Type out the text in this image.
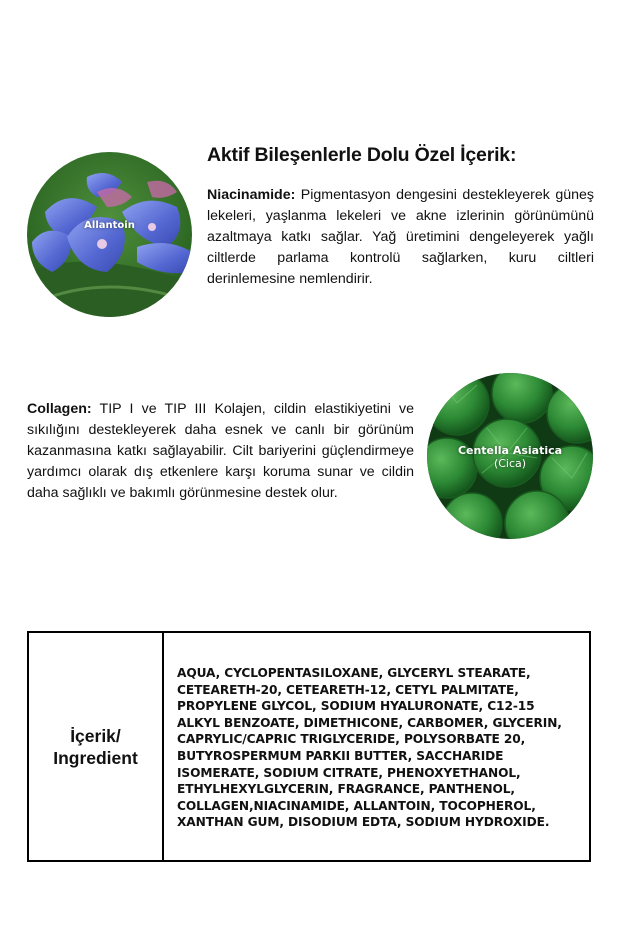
Allantoin
Aktif Bileşenlerle Dolu Özel İçerik:

Niacinamide: Pigmentasyon dengesini destekleyerek güneş lekeleri, yaşlanma lekeleri ve akne izlerinin görünümünü azaltmaya katkı sağlar. Yağ üretimini dengeleyerek yağlı ciltlerde parlama kontrolü sağlarken, kuru ciltleri derinlemesine nemlendirir.

Collagen: TIP I ve TIP III Kolajen, cildin elastikiyetini ve sıkılığını destekleyerek daha esnek ve canlı bir görünüm kazanmasına katkı sağlayabilir. Cilt bariyerini güçlendirmeye yardımcı olarak dış etkenlere karşı koruma sunar ve cildin daha sağlıklı ve bakımlı görünmesine destek olur.

Centella Asiatica
(Cica)
İçerik/
Ingredient

AQUA, CYCLOPENTASILOXANE, GLYCERYL STEARATE, CETEARETH-20, CETEARETH-12, CETYL PALMITATE, PROPYLENE GLYCOL, SODIUM HYALURONATE, C12-15 ALKYL BENZOATE, DIMETHICONE, CARBOMER, GLYCERIN, CAPRYLIC/CAPRIC TRIGLYCERIDE, POLYSORBATE 20, BUTYROSPERMUM PARKII BUTTER, SACCHARIDE ISOMERATE, SODIUM CITRATE, PHENOXYETHANOL, ETHYLHEXYLGLYCERIN, FRAGRANCE, PANTHENOL, COLLAGEN,NIACINAMIDE, ALLANTOIN, TOCOPHEROL, XANTHAN GUM, DISODIUM EDTA, SODIUM HYDROXIDE.
